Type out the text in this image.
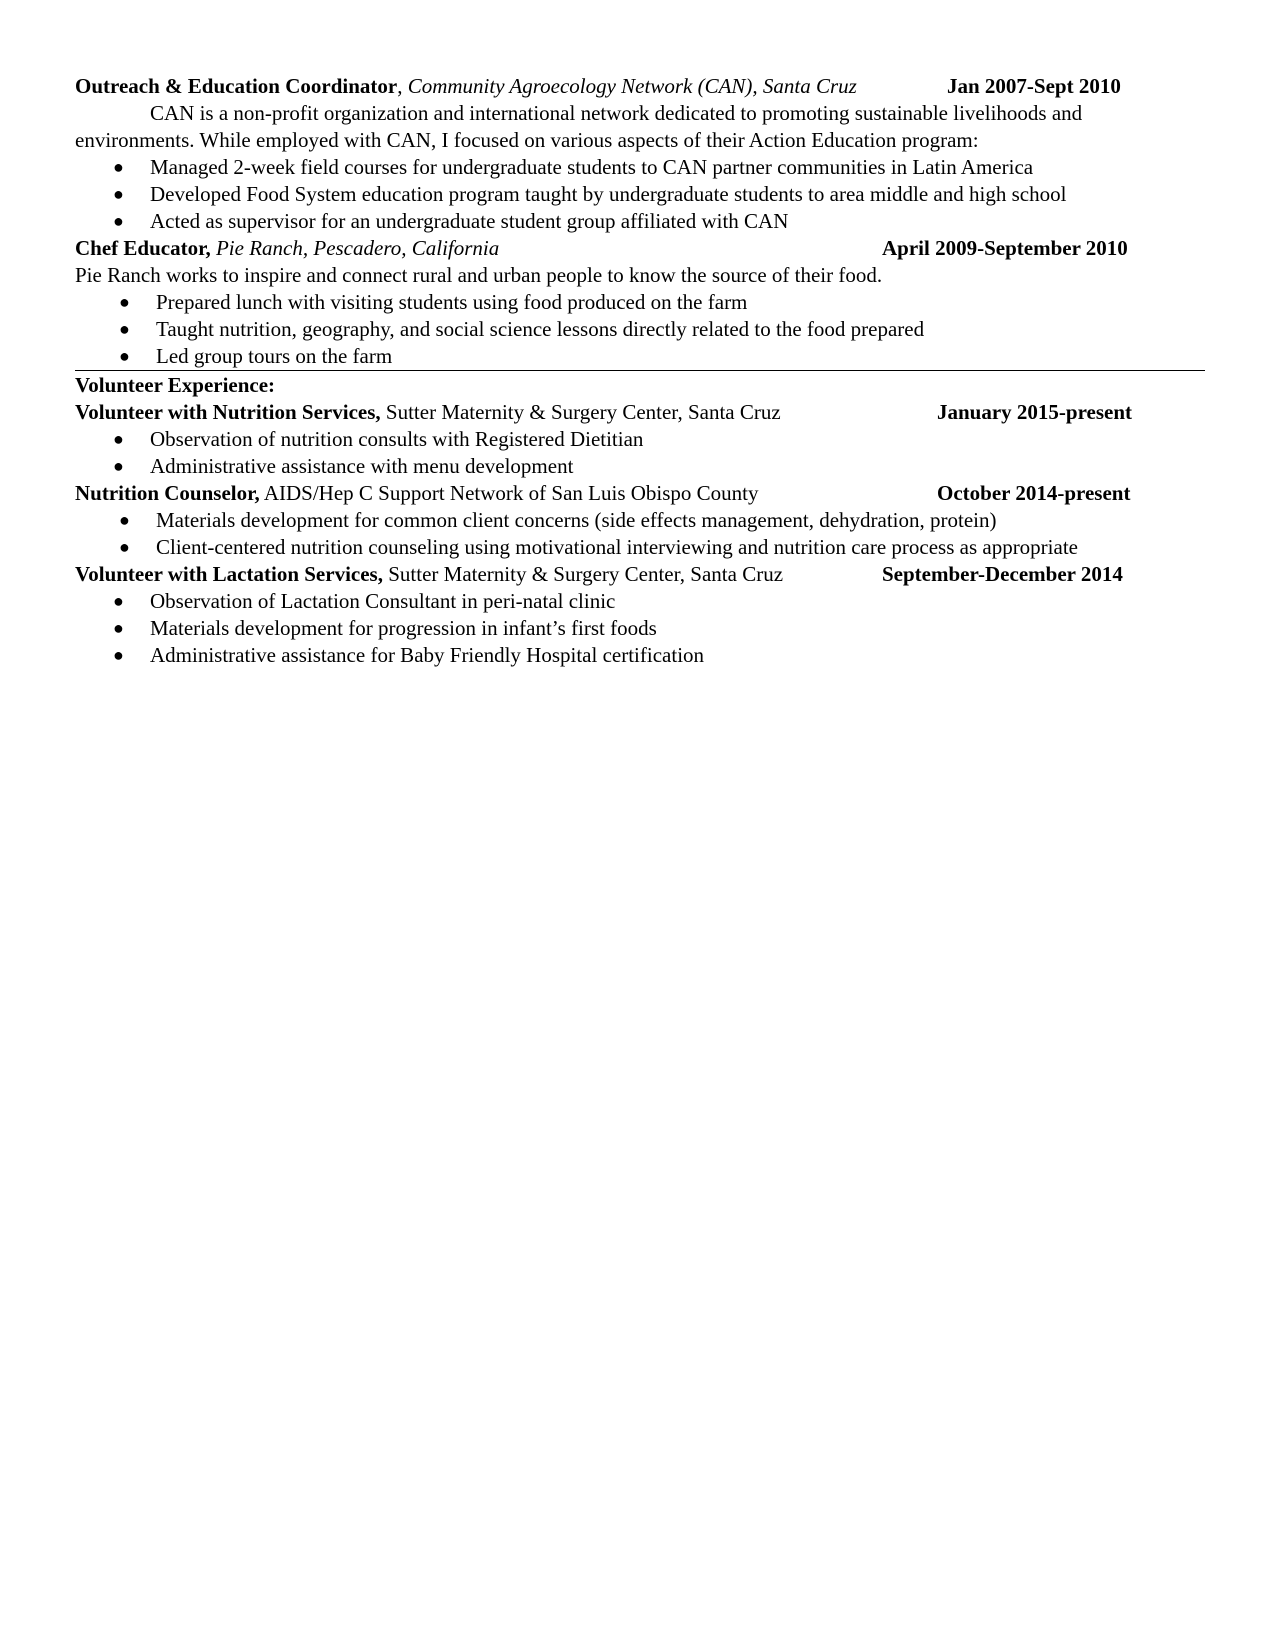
Outreach & Education Coordinator, Community Agroecology Network (CAN), Santa Cruz	Jan 2007-Sept 2010
CAN is a non-profit organization and international network dedicated to promoting sustainable livelihoods and
environments. While employed with CAN, I focused on various aspects of their Action Education program:
● Managed 2-week field courses for undergraduate students to CAN partner communities in Latin America
● Developed Food System education program taught by undergraduate students to area middle and high school
● Acted as supervisor for an undergraduate student group affiliated with CAN
Chef Educator, Pie Ranch, Pescadero, California	April 2009-September 2010
Pie Ranch works to inspire and connect rural and urban people to know the source of their food.
● Prepared lunch with visiting students using food produced on the farm
● Taught nutrition, geography, and social science lessons directly related to the food prepared
● Led group tours on the farm
Volunteer Experience:
Volunteer with Nutrition Services, Sutter Maternity & Surgery Center, Santa Cruz	January 2015-present
● Observation of nutrition consults with Registered Dietitian
● Administrative assistance with menu development
Nutrition Counselor, AIDS/Hep C Support Network of San Luis Obispo County	October 2014-present
● Materials development for common client concerns (side effects management, dehydration, protein)
● Client-centered nutrition counseling using motivational interviewing and nutrition care process as appropriate
Volunteer with Lactation Services, Sutter Maternity & Surgery Center, Santa Cruz	September-December 2014
● Observation of Lactation Consultant in peri-natal clinic
● Materials development for progression in infant’s first foods
● Administrative assistance for Baby Friendly Hospital certification
